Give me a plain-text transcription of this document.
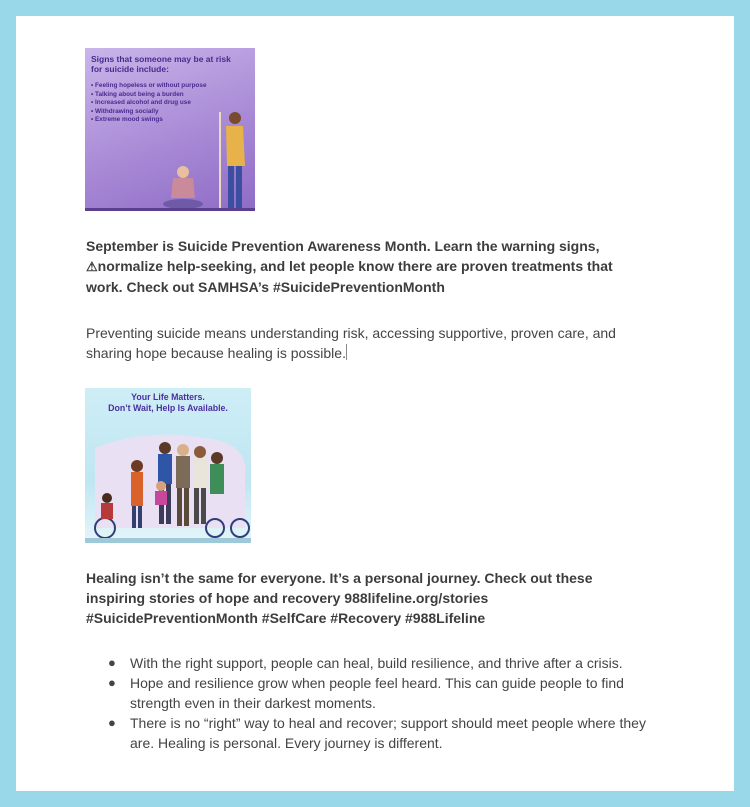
Signs that someone may be at risk for suicide include:
• Feeling hopeless or without purpose
• Talking about being a burden
• Increased alcohol and drug use
• Withdrawing socially
• Extreme mood swings

September is Suicide Prevention Awareness Month. Learn the warning signs,
⚠normalize help-seeking, and let people know there are proven treatments that
work. Check out SAMHSA’s #SuicidePreventionMonth

Preventing suicide means understanding risk, accessing supportive, proven care, and
sharing hope because healing is possible.

Your Life Matters.
Don’t Wait, Help Is Available.

Healing isn’t the same for everyone. It’s a personal journey. Check out these
inspiring stories of hope and recovery 988lifeline.org/stories
#SuicidePreventionMonth #SelfCare #Recovery #988Lifeline

● With the right support, people can heal, build resilience, and thrive after a crisis.
● Hope and resilience grow when people feel heard. This can guide people to find
strength even in their darkest moments.
● There is no “right” way to heal and recover; support should meet people where they
are. Healing is personal. Every journey is different.
